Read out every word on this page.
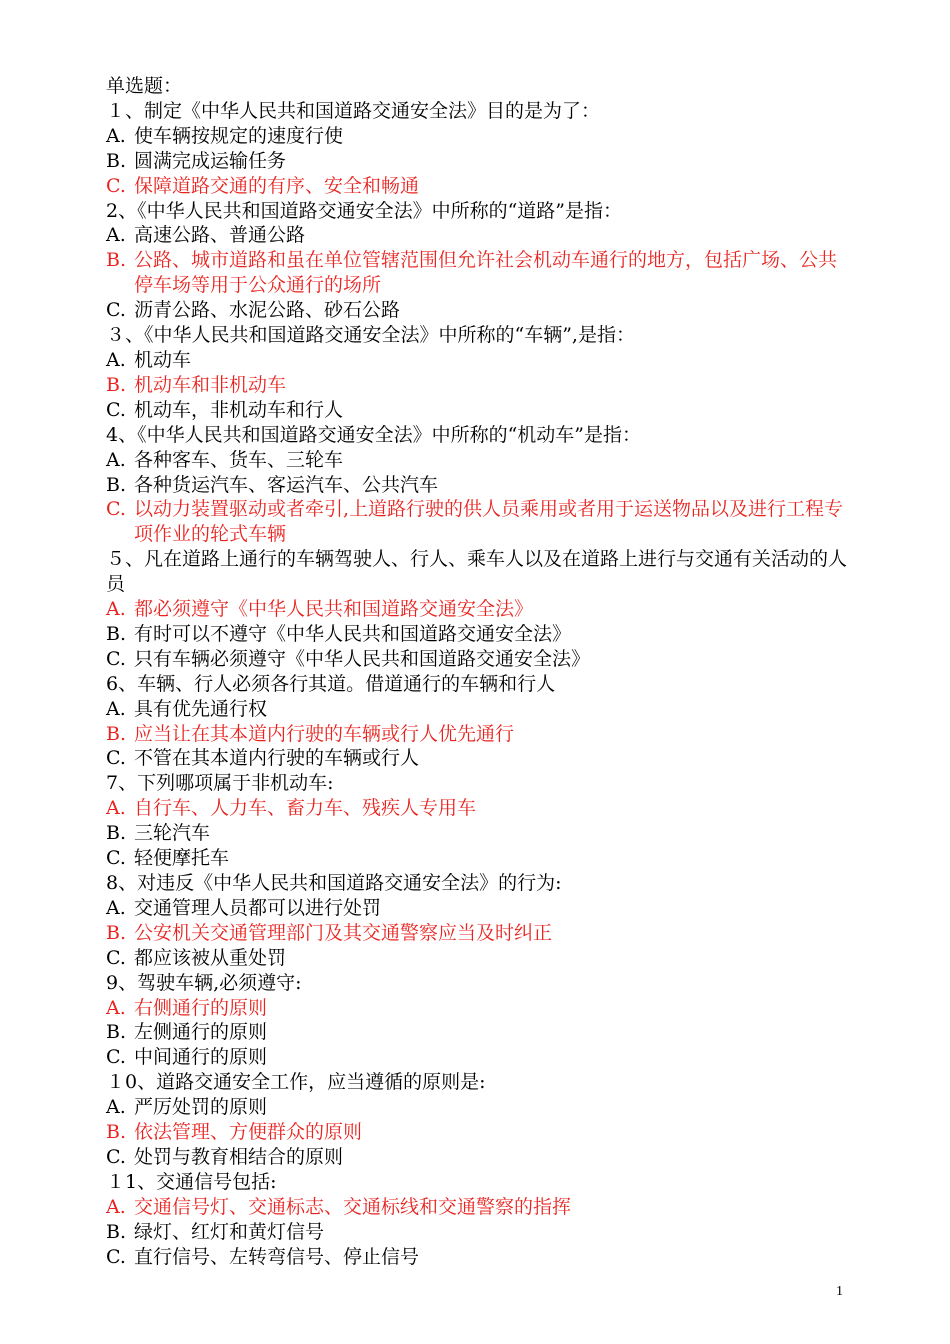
单选题：
１、制定《中华人民共和国道路交通安全法》目的是为了：
A. 使车辆按规定的速度行使
B. 圆满完成运输任务
C. 保障道路交通的有序、安全和畅通
2、《中华人民共和国道路交通安全法》中所称的“道路”是指：
A. 高速公路、普通公路
B. 公路、城市道路和虽在单位管辖范围但允许社会机动车通行的地方，包括广场、公共停车场等用于公众通行的场所
C. 沥青公路、水泥公路、砂石公路
３、《中华人民共和国道路交通安全法》中所称的“车辆”,是指：
A. 机动车
B. 机动车和非机动车
C. 机动车，非机动车和行人
4、《中华人民共和国道路交通安全法》中所称的“机动车”是指：
A. 各种客车、货车、三轮车
B. 各种货运汽车、客运汽车、公共汽车
C. 以动力装置驱动或者牵引,上道路行驶的供人员乘用或者用于运送物品以及进行工程专项作业的轮式车辆
５、凡在道路上通行的车辆驾驶人、行人、乘车人以及在道路上进行与交通有关活动的人员
A. 都必须遵守《中华人民共和国道路交通安全法》
B. 有时可以不遵守《中华人民共和国道路交通安全法》
C. 只有车辆必须遵守《中华人民共和国道路交通安全法》
6、车辆、行人必须各行其道。借道通行的车辆和行人
A. 具有优先通行权
B. 应当让在其本道内行驶的车辆或行人优先通行
C. 不管在其本道内行驶的车辆或行人
7、下列哪项属于非机动车:
A. 自行车、人力车、畜力车、残疾人专用车
B. 三轮汽车
C. 轻便摩托车
8、对违反《中华人民共和国道路交通安全法》的行为:
A. 交通管理人员都可以进行处罚
B. 公安机关交通管理部门及其交通警察应当及时纠正
C. 都应该被从重处罚
9、驾驶车辆,必须遵守:
A. 右侧通行的原则
B. 左侧通行的原则
C. 中间通行的原则
１0、道路交通安全工作，应当遵循的原则是:
A. 严厉处罚的原则
B. 依法管理、方便群众的原则
C. 处罚与教育相结合的原则
１1、交通信号包括:
A. 交通信号灯、交通标志、交通标线和交通警察的指挥
B. 绿灯、红灯和黄灯信号
C. 直行信号、左转弯信号、停止信号
1
